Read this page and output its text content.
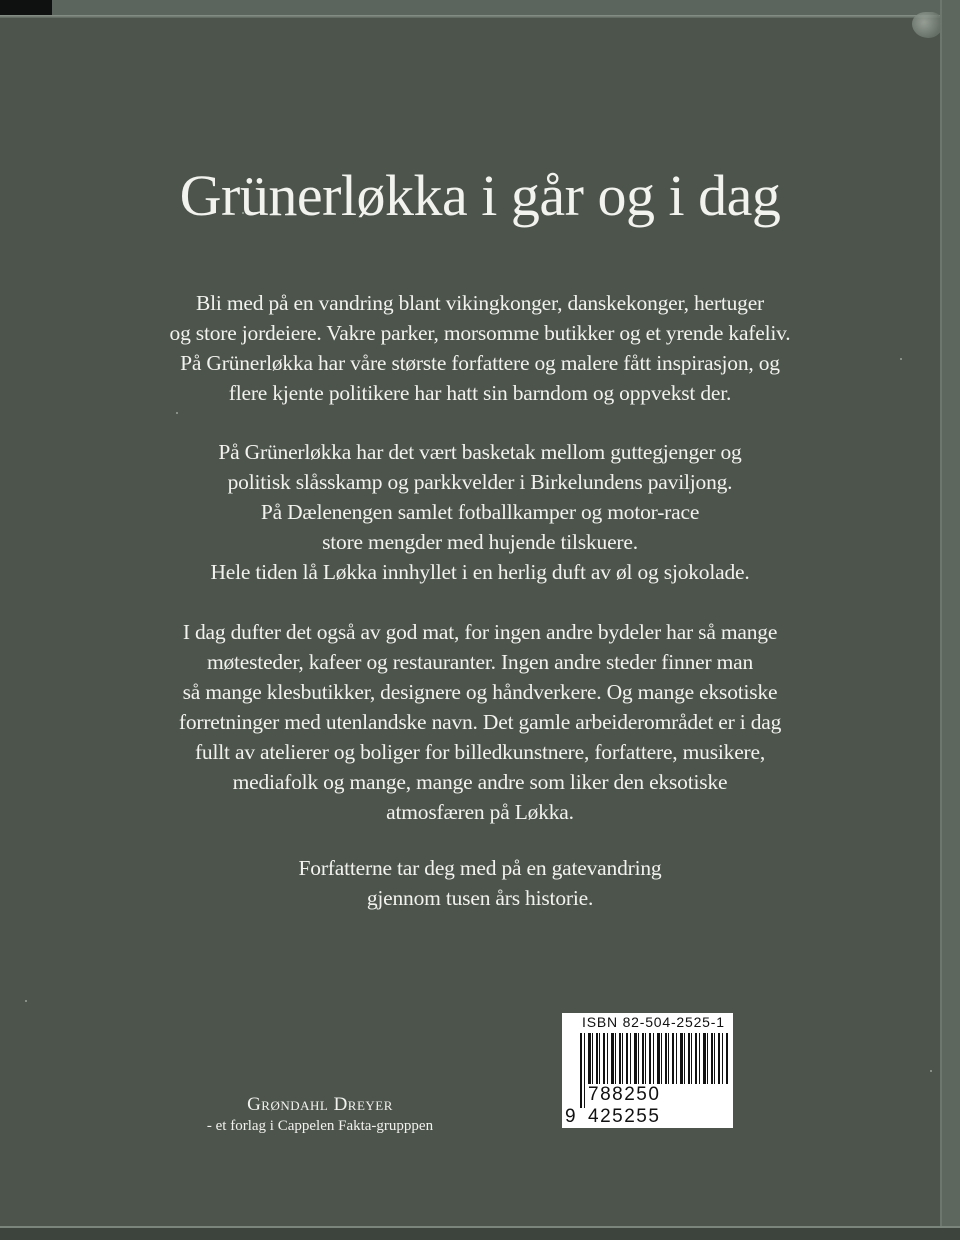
Grünerløkka i går og i dag
Bli med på en vandring blant vikingkonger, danskekonger, hertuger
og store jordeiere. Vakre parker, morsomme butikker og et yrende kafeliv.
På Grünerløkka har våre største forfattere og malere fått inspirasjon, og
flere kjente politikere har hatt sin barndom og oppvekst der.
På Grünerløkka har det vært basketak mellom guttegjenger og
politisk slåsskamp og parkkvelder i Birkelundens paviljong.
På Dælenengen samlet fotballkamper og motor-race
store mengder med hujende tilskuere.
Hele tiden lå Løkka innhyllet i en herlig duft av øl og sjokolade.
I dag dufter det også av god mat, for ingen andre bydeler har så mange
møtesteder, kafeer og restauranter. Ingen andre steder finner man
så mange klesbutikker, designere og håndverkere. Og mange eksotiske
forretninger med utenlandske navn. Det gamle arbeiderområdet er i dag
fullt av atelierer og boliger for billedkunstnere, forfattere, musikere,
mediafolk og mange, mange andre som liker den eksotiske
atmosfæren på Løkka.
Forfatterne tar deg med på en gatevandring
gjennom tusen års historie.
Grøndahl Dreyer
- et forlag i Cappelen Fakta-grupppen
ISBN 82-504-2525-1
9
788250 425255
